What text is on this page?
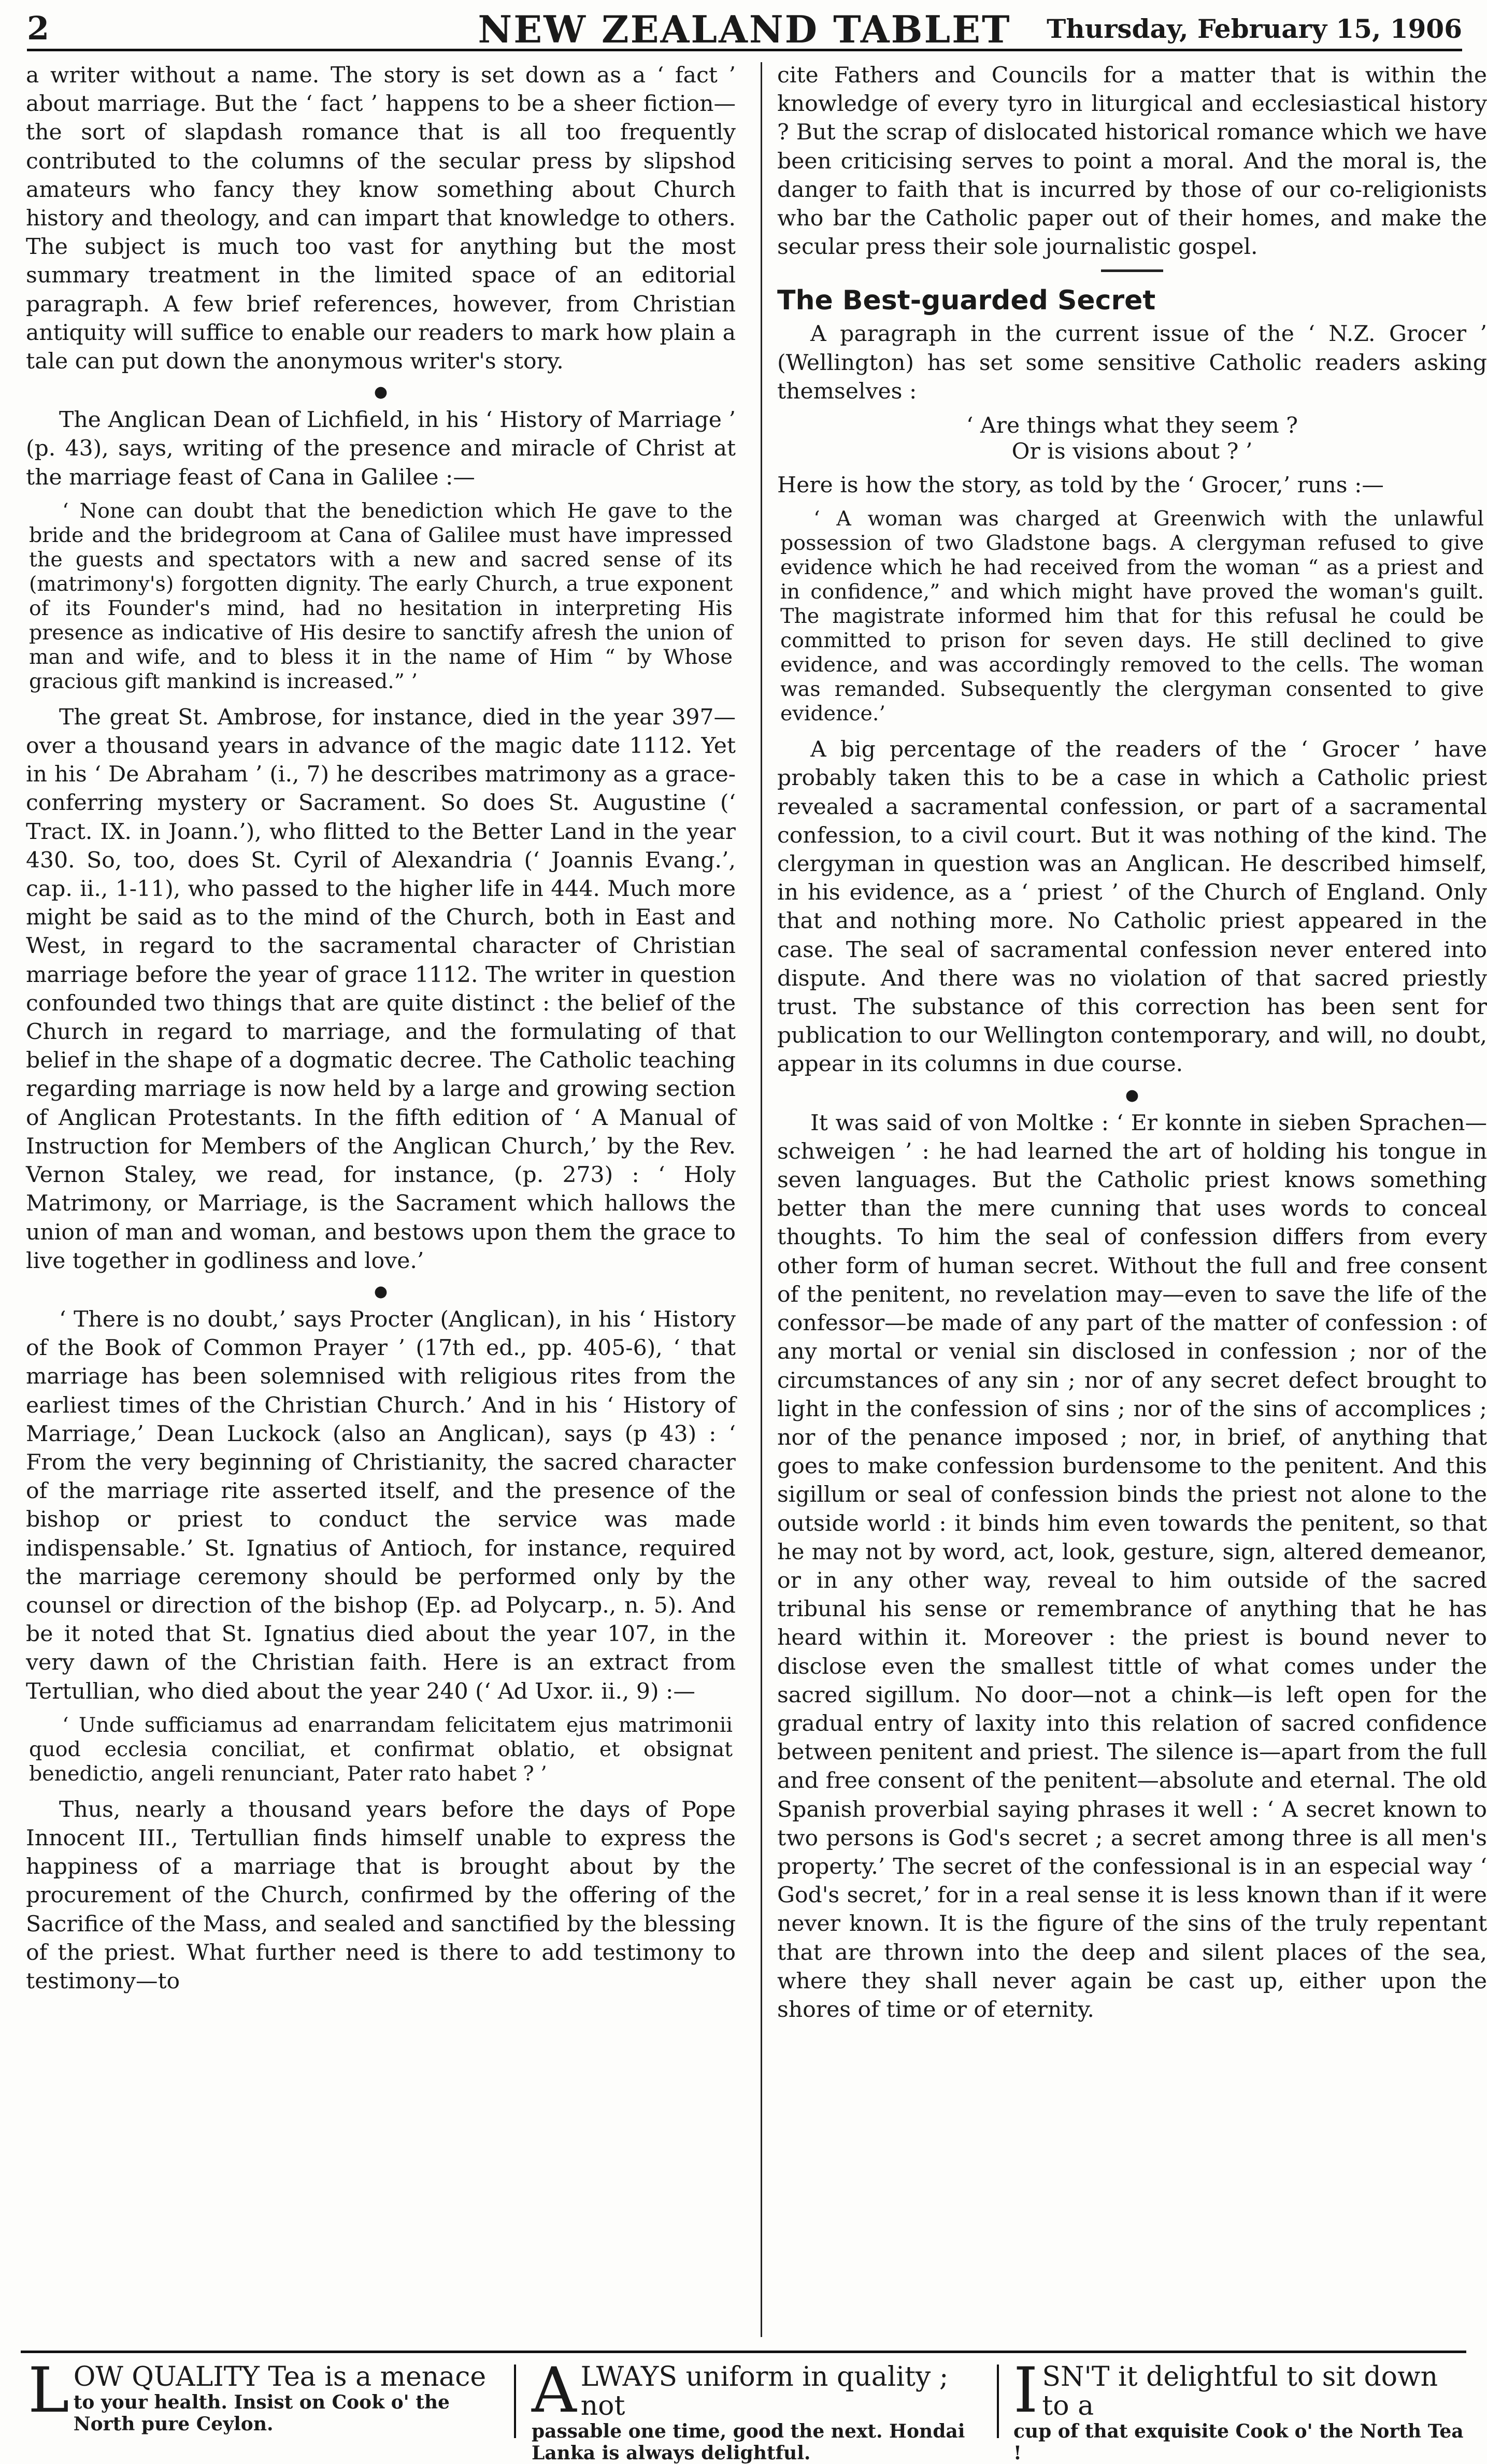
2	NEW ZEALAND TABLET	Thursday, February 15, 1906

a writer without a name. The story is set down as a ‘ fact ’ about marriage. But the ‘ fact ’ happens to be a sheer fiction—the sort of slapdash romance that is all too frequently contributed to the columns of the secular press by slipshod amateurs who fancy they know something about Church history and theology, and can impart that knowledge to others. The subject is much too vast for anything but the most summary treatment in the limited space of an editorial paragraph. A few brief references, however, from Christian antiquity will suffice to enable our readers to mark how plain a tale can put down the anonymous writer's story.

●

The Anglican Dean of Lichfield, in his ‘ History of Marriage ’ (p. 43), says, writing of the presence and miracle of Christ at the marriage feast of Cana in Galilee :—

‘ None can doubt that the benediction which He gave to the bride and the bridegroom at Cana of Galilee must have impressed the guests and spectators with a new and sacred sense of its (matrimony's) forgotten dignity. The early Church, a true exponent of its Founder's mind, had no hesitation in interpreting His presence as indicative of His desire to sanctify afresh the union of man and wife, and to bless it in the name of Him “ by Whose gracious gift mankind is increased.” ’

The great St. Ambrose, for instance, died in the year 397—over a thousand years in advance of the magic date 1112. Yet in his ‘ De Abraham ’ (i., 7) he describes matrimony as a grace-conferring mystery or Sacrament. So does St. Augustine (‘ Tract. IX. in Joann.’), who flitted to the Better Land in the year 430. So, too, does St. Cyril of Alexandria (‘ Joannis Evang.’, cap. ii., 1-11), who passed to the higher life in 444. Much more might be said as to the mind of the Church, both in East and West, in regard to the sacramental character of Christian marriage before the year of grace 1112. The writer in question confounded two things that are quite distinct : the belief of the Church in regard to marriage, and the formulating of that belief in the shape of a dogmatic decree. The Catholic teaching regarding marriage is now held by a large and growing section of Anglican Protestants. In the fifth edition of ‘ A Manual of Instruction for Members of the Anglican Church,’ by the Rev. Vernon Staley, we read, for instance, (p. 273) : ‘ Holy Matrimony, or Marriage, is the Sacrament which hallows the union of man and woman, and bestows upon them the grace to live together in godliness and love.’

●

‘ There is no doubt,’ says Procter (Anglican), in his ‘ History of the Book of Common Prayer ’ (17th ed., pp. 405-6), ‘ that marriage has been solemnised with religious rites from the earliest times of the Christian Church.’ And in his ‘ History of Marriage,’ Dean Luckock (also an Anglican), says (p 43) : ‘ From the very beginning of Christianity, the sacred character of the marriage rite asserted itself, and the presence of the bishop or priest to conduct the service was made indispensable.’ St. Ignatius of Antioch, for instance, required the marriage ceremony should be performed only by the counsel or direction of the bishop (Ep. ad Polycarp., n. 5). And be it noted that St. Ignatius died about the year 107, in the very dawn of the Christian faith. Here is an extract from Tertullian, who died about the year 240 (‘ Ad Uxor. ii., 9) :—

‘ Unde sufficiamus ad enarrandam felicitatem ejus matrimonii quod ecclesia conciliat, et confirmat oblatio, et obsignat benedictio, angeli renunciant, Pater rato habet ? ’

Thus, nearly a thousand years before the days of Pope Innocent III., Tertullian finds himself unable to express the happiness of a marriage that is brought about by the procurement of the Church, confirmed by the offering of the Sacrifice of the Mass, and sealed and sanctified by the blessing of the priest. What further need is there to add testimony to testimony—to

cite Fathers and Councils for a matter that is within the knowledge of every tyro in liturgical and ecclesiastical history ? But the scrap of dislocated historical romance which we have been criticising serves to point a moral. And the moral is, the danger to faith that is incurred by those of our co-religionists who bar the Catholic paper out of their homes, and make the secular press their sole journalistic gospel.

The Best-guarded Secret

A paragraph in the current issue of the ‘ N.Z. Grocer ’ (Wellington) has set some sensitive Catholic readers asking themselves :

‘ Are things what they seem ?
Or is visions about ? ’

Here is how the story, as told by the ‘ Grocer,’ runs :—

‘ A woman was charged at Greenwich with the unlawful possession of two Gladstone bags. A clergyman refused to give evidence which he had received from the woman “ as a priest and in confidence,” and which might have proved the woman's guilt. The magistrate informed him that for this refusal he could be committed to prison for seven days. He still declined to give evidence, and was accordingly removed to the cells. The woman was remanded. Subsequently the clergyman consented to give evidence.’

A big percentage of the readers of the ‘ Grocer ’ have probably taken this to be a case in which a Catholic priest revealed a sacramental confession, or part of a sacramental confession, to a civil court. But it was nothing of the kind. The clergyman in question was an Anglican. He described himself, in his evidence, as a ‘ priest ’ of the Church of England. Only that and nothing more. No Catholic priest appeared in the case. The seal of sacramental confession never entered into dispute. And there was no violation of that sacred priestly trust. The substance of this correction has been sent for publication to our Wellington contemporary, and will, no doubt, appear in its columns in due course.

●

It was said of von Moltke : ‘ Er konnte in sieben Sprachen—schweigen ’ : he had learned the art of holding his tongue in seven languages. But the Catholic priest knows something better than the mere cunning that uses words to conceal thoughts. To him the seal of confession differs from every other form of human secret. Without the full and free consent of the penitent, no revelation may—even to save the life of the confessor—be made of any part of the matter of confession : of any mortal or venial sin disclosed in confession ; nor of the circumstances of any sin ; nor of any secret defect brought to light in the confession of sins ; nor of the sins of accomplices ; nor of the penance imposed ; nor, in brief, of anything that goes to make confession burdensome to the penitent. And this sigillum or seal of confession binds the priest not alone to the outside world : it binds him even towards the penitent, so that he may not by word, act, look, gesture, sign, altered demeanor, or in any other way, reveal to him outside of the sacred tribunal his sense or remembrance of anything that he has heard within it. Moreover : the priest is bound never to disclose even the smallest tittle of what comes under the sacred sigillum. No door—not a chink—is left open for the gradual entry of laxity into this relation of sacred confidence between penitent and priest. The silence is—apart from the full and free consent of the penitent—absolute and eternal. The old Spanish proverbial saying phrases it well : ‘ A secret known to two persons is God's secret ; a secret among three is all men's property.’ The secret of the confessional is in an especial way ‘ God's secret,’ for in a real sense it is less known than if it were never known. It is the figure of the sins of the truly repentant that are thrown into the deep and silent places of the sea, where they shall never again be cast up, either upon the shores of time or of eternity.

L OW QUALITY Tea is a menace
to your health. Insist on Cook o' the North pure Ceylon.	A LWAYS uniform in quality ; not
passable one time, good the next. Hondai Lanka is always delightful.
I SN'T it delightful to sit down to a
cup of that exquisite Cook o' the North Tea !
